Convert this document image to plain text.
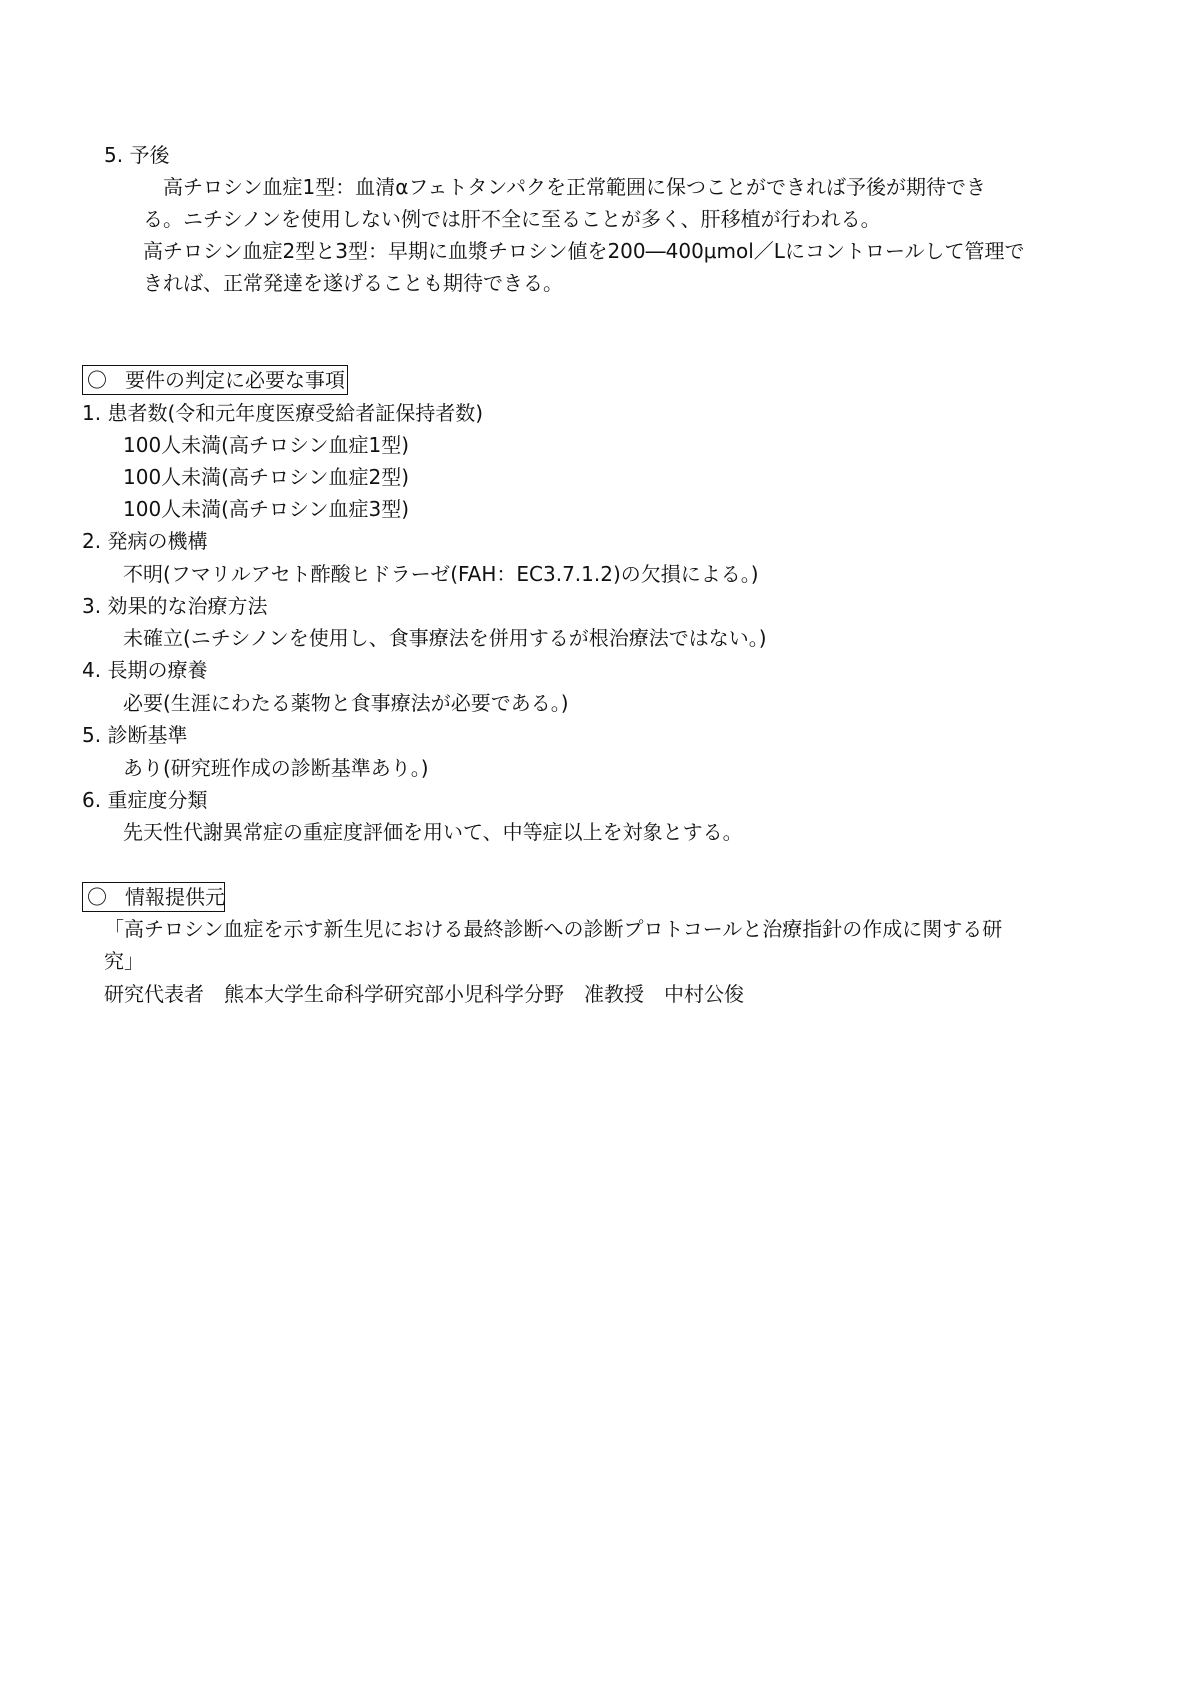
5. 予後
高チロシン血症1型：血清αフェトタンパクを正常範囲に保つことができれば予後が期待でき
る。ニチシノンを使用しない例では肝不全に至ることが多く、肝移植が行われる。
高チロシン血症2型と3型：早期に血漿チロシン値を200―400μmol／Lにコントロールして管理で
きれば、正常発達を遂げることも期待できる。
〇 要件の判定に必要な事項
1. 患者数(令和元年度医療受給者証保持者数)
100人未満(高チロシン血症1型)
100人未満(高チロシン血症2型)
100人未満(高チロシン血症3型)
2. 発病の機構
不明(フマリルアセト酢酸ヒドラーゼ(FAH：EC3.7.1.2)の欠損による。)
3. 効果的な治療方法
未確立(ニチシノンを使用し、食事療法を併用するが根治療法ではない。)
4. 長期の療養
必要(生涯にわたる薬物と食事療法が必要である。)
5. 診断基準
あり(研究班作成の診断基準あり。)
6. 重症度分類
先天性代謝異常症の重症度評価を用いて、中等症以上を対象とする。
〇 情報提供元
「高チロシン血症を示す新生児における最終診断への診断プロトコールと治療指針の作成に関する研
究」
研究代表者　熊本大学生命科学研究部小児科学分野　准教授　中村公俊
